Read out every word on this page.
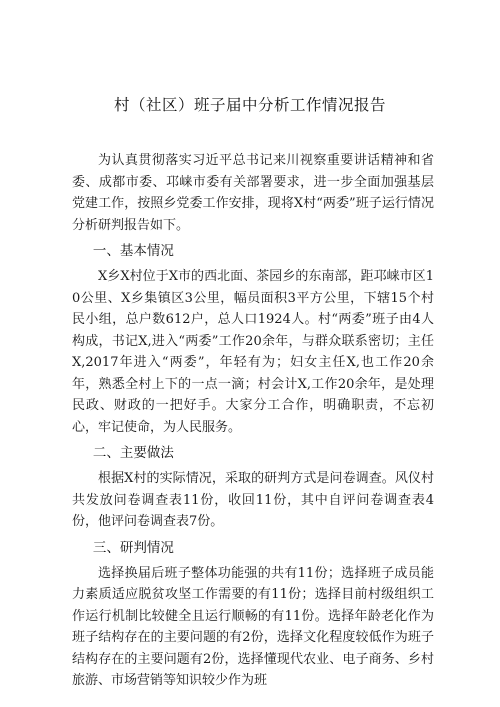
村（社区）班子届中分析工作情况报告

为认真贯彻落实习近平总书记来川视察重要讲话精神和省委、成都市委、邛崃市委有关部署要求，进一步全面加强基层党建工作，按照乡党委工作安排，现将X村“两委”班子运行情况分析研判报告如下。

一、基本情况

X乡X村位于X市的西北面、茶园乡的东南部，距邛崃市区10公里、X乡集镇区3公里，幅员面积3平方公里，下辖15个村民小组，总户数612户，总人口1924人。村“两委”班子由4人构成，书记X,进入“两委”工作20余年，与群众联系密切；主任X,2017年进入“两委”，年轻有为；妇女主任X,也工作20余年，熟悉全村上下的一点一滴；村会计X,工作20余年，是处理民政、财政的一把好手。大家分工合作，明确职责，不忘初心，牢记使命，为人民服务。

二、主要做法

根据X村的实际情况，采取的研判方式是问卷调查。风仪村共发放问卷调查表11份，收回11份，其中自评问卷调查表4份，他评问卷调查表7份。

三、研判情况

选择换届后班子整体功能强的共有11份；选择班子成员能力素质适应脱贫攻坚工作需要的有11份；选择目前村级组织工作运行机制比较健全且运行顺畅的有11份。选择年龄老化作为班子结构存在的主要问题的有2份，选择文化程度较低作为班子结构存在的主要问题有2份，选择懂现代农业、电子商务、乡村旅游、市场营销等知识较少作为班
